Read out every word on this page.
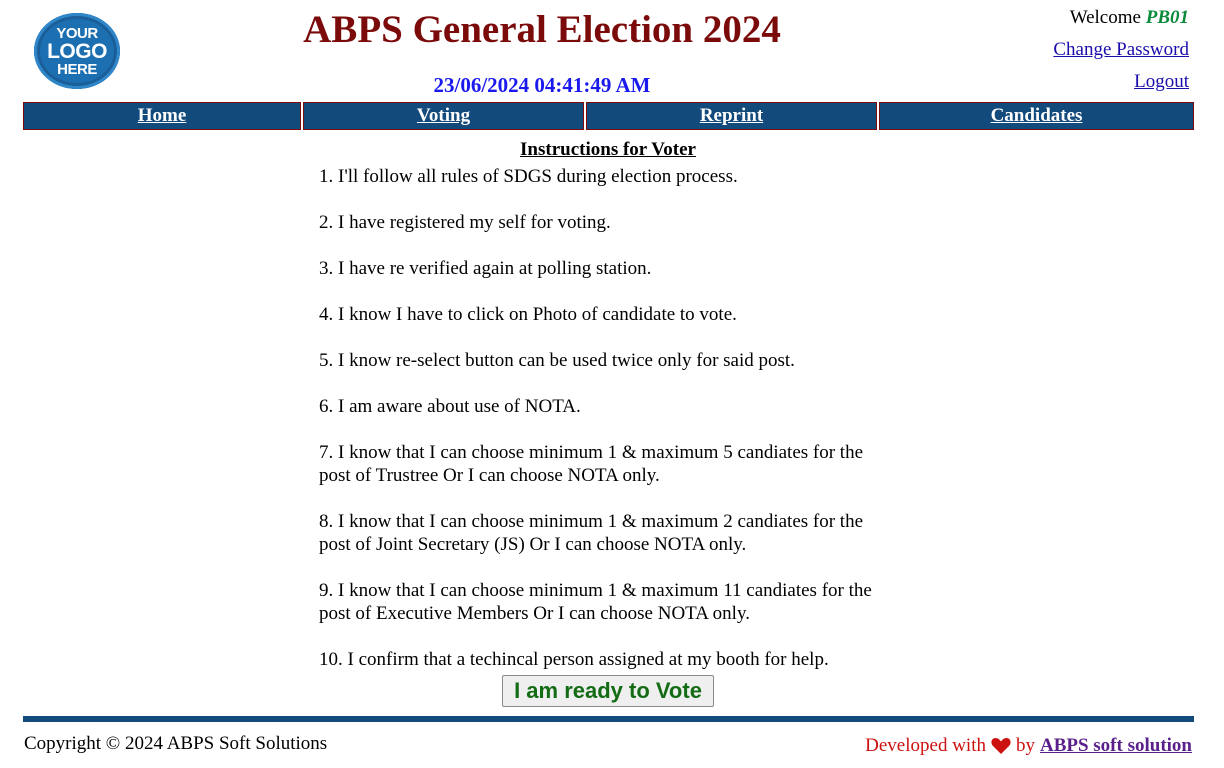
YOUR
LOGO
HERE
ABPS General Election 2024
23/06/2024 04:41:49 AM
Welcome PB01
Change Password
Logout
Home	Voting	Reprint	Candidates
Instructions for Voter

1. I'll follow all rules of SDGS during election process.

2. I have registered my self for voting.

3. I have re verified again at polling station.

4. I know I have to click on Photo of candidate to vote.

5. I know re-select button can be used twice only for said post.

6. I am aware about use of NOTA.

7. I know that I can choose minimum 1 & maximum 5 candiates for the post of Trustree Or I can choose NOTA only.

8. I know that I can choose minimum 1 & maximum 2 candiates for the post of Joint Secretary (JS) Or I can choose NOTA only.

9. I know that I can choose minimum 1 & maximum 11 candiates for the post of Executive Members Or I can choose NOTA only.

10. I confirm that a techincal person assigned at my booth for help.

I am ready to Vote
Copyright © 2024 ABPS Soft Solutions	Developed with by ABPS soft solution
